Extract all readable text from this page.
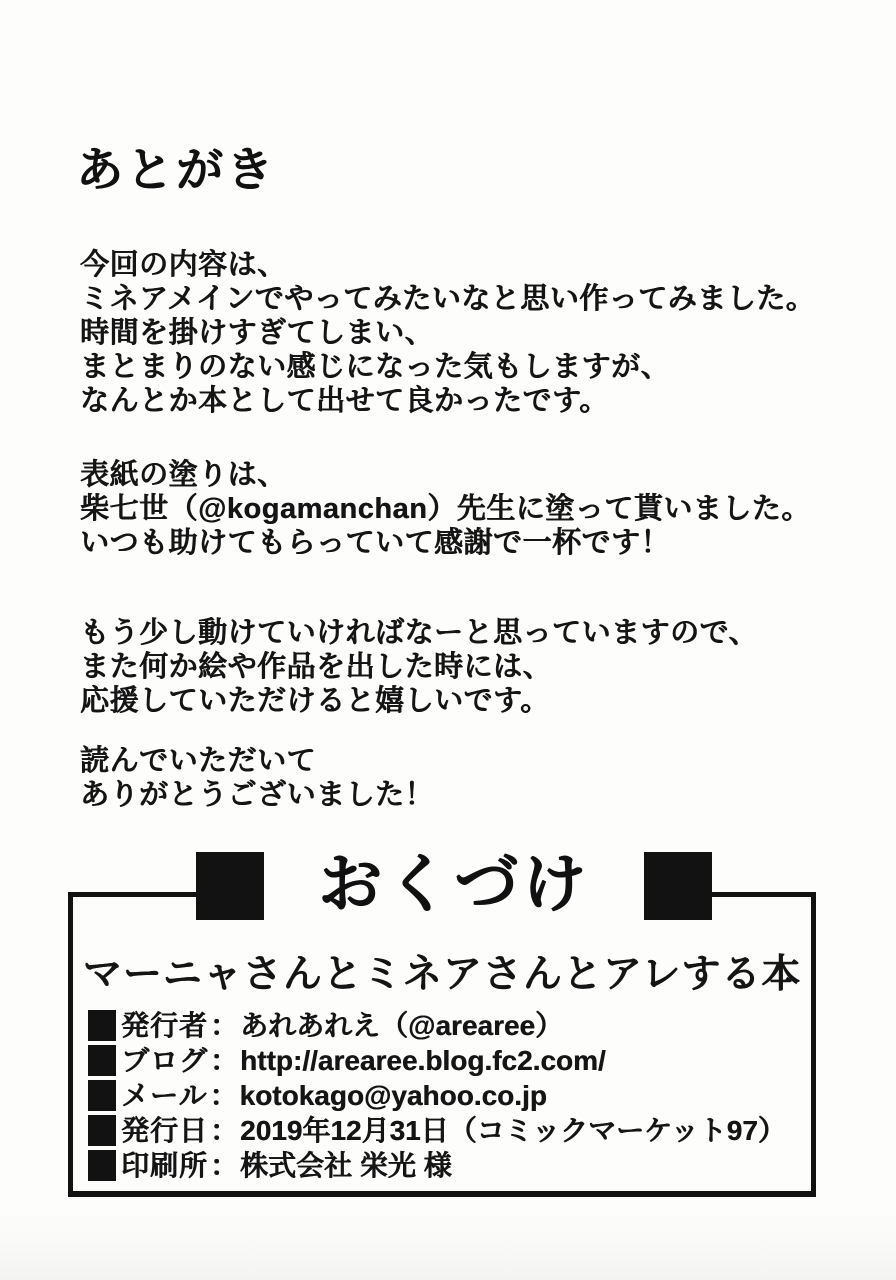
あとがき
今回の内容は、
ミネアメインでやってみたいなと思い作ってみました。
時間を掛けすぎてしまい、
まとまりのない感じになった気もしますが、
なんとか本として出せて良かったです。
表紙の塗りは、
柴七世（@kogamanchan）先生に塗って貰いました。
いつも助けてもらっていて感謝で一杯です！
もう少し動けていければなーと思っていますので、
また何か絵や作品を出した時には、
応援していただけると嬉しいです。
読んでいただいて
ありがとうございました！
おくづけ
マーニャさんとミネアさんとアレする本
発行者 ： あれあれえ（@arearee）
ブログ ： http://arearee.blog.fc2.com/
メール ： kotokago@yahoo.co.jp
発行日 ： 2019年12月31日（コミックマーケット97）
印刷所 ： 株式会社 栄光 様
